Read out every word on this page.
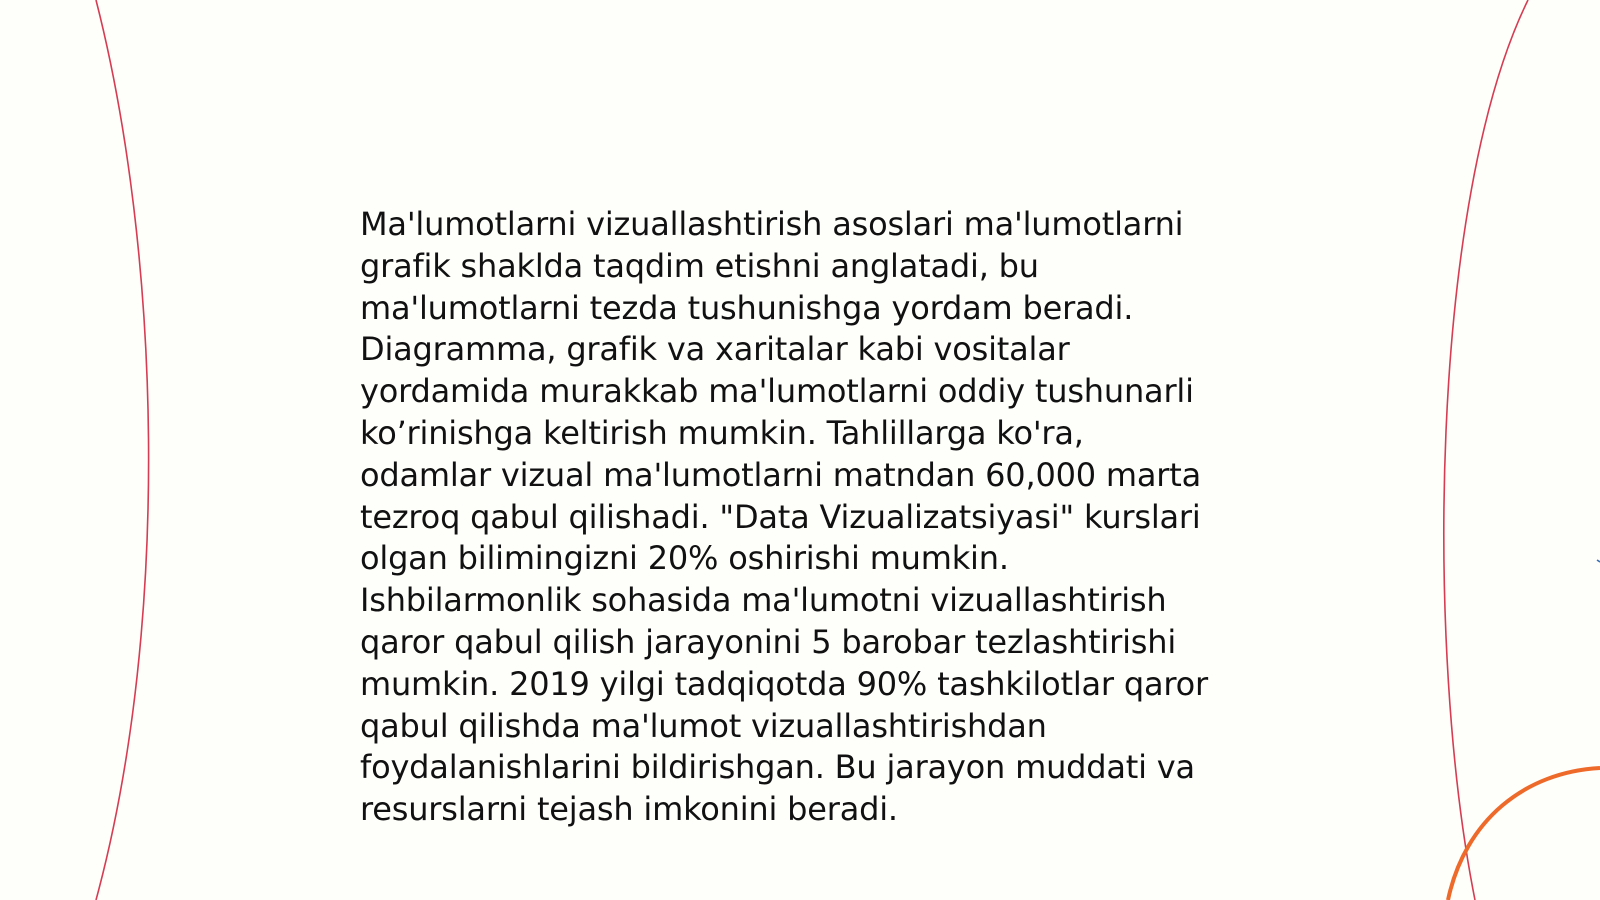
Ma'lumotlarni vizuallashtirish asoslari ma'lumotlarni
grafik shaklda taqdim etishni anglatadi, bu
ma'lumotlarni tezda tushunishga yordam beradi.
Diagramma, grafik va xaritalar kabi vositalar
yordamida murakkab ma'lumotlarni oddiy tushunarli
ko’rinishga keltirish mumkin. Tahlillarga ko'ra,
odamlar vizual ma'lumotlarni matndan 60,000 marta
tezroq qabul qilishadi. "Data Vizualizatsiyasi" kurslari
olgan bilimingizni 20% oshirishi mumkin.
Ishbilarmonlik sohasida ma'lumotni vizuallashtirish
qaror qabul qilish jarayonini 5 barobar tezlashtirishi
mumkin. 2019 yilgi tadqiqotda 90% tashkilotlar qaror
qabul qilishda ma'lumot vizuallashtirishdan
foydalanishlarini bildirishgan. Bu jarayon muddati va
resurslarni tejash imkonini beradi.
